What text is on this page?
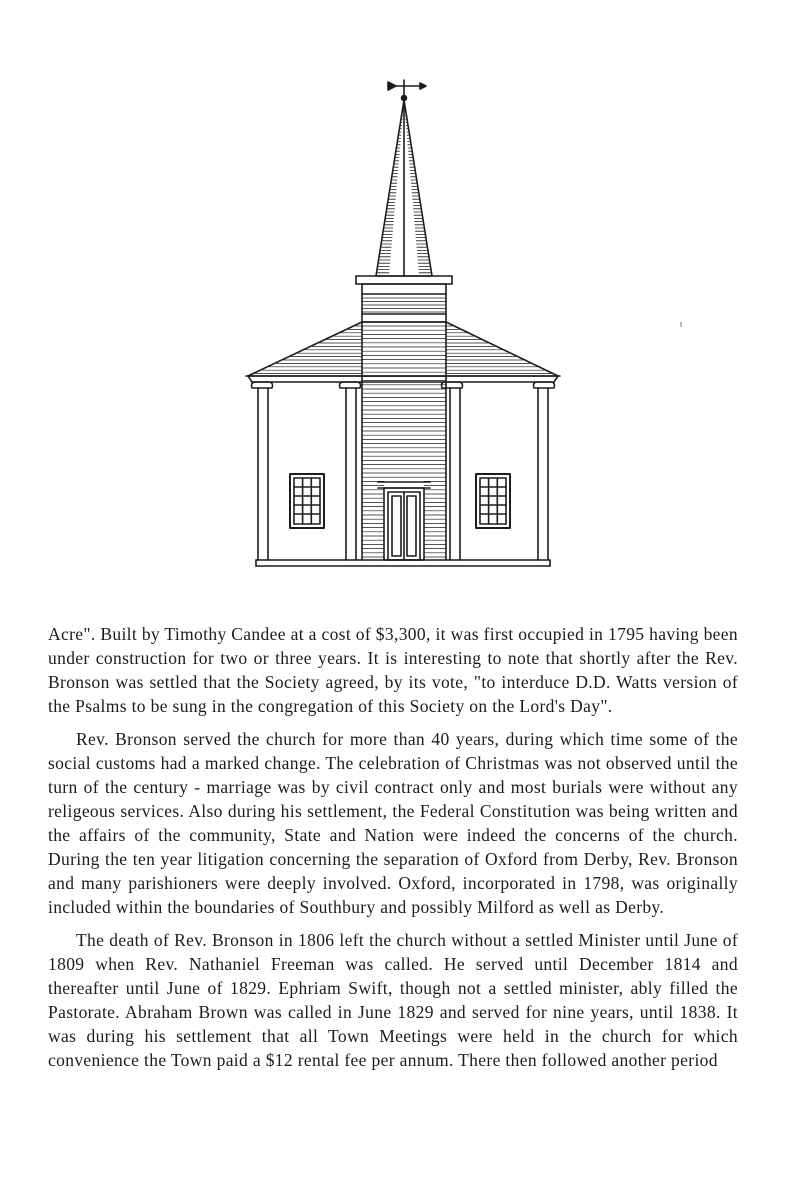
Acre". Built by Timothy Candee at a cost of $3,300, it was first occupied in 1795 having been under construction for two or three years. It is interesting to note that shortly after the Rev. Bronson was settled that the Society agreed, by its vote, "to interduce D.D. Watts version of the Psalms to be sung in the congregation of this Society on the Lord's Day".

Rev. Bronson served the church for more than 40 years, during which time some of the social customs had a marked change. The celebration of Christmas was not observed until the turn of the century - marriage was by civil contract only and most burials were without any religeous services. Also during his settlement, the Federal Constitution was being written and the affairs of the community, State and Nation were indeed the concerns of the church. During the ten year litigation concerning the separation of Oxford from Derby, Rev. Bronson and many parishioners were deeply involved. Oxford, incorporated in 1798, was originally included within the boundaries of Southbury and possibly Milford as well as Derby.

The death of Rev. Bronson in 1806 left the church without a settled Minister until June of 1809 when Rev. Nathaniel Freeman was called. He served until December 1814 and thereafter until June of 1829. Ephriam Swift, though not a settled minister, ably filled the Pastorate. Abraham Brown was called in June 1829 and served for nine years, until 1838. It was during his settlement that all Town Meetings were held in the church for which convenience the Town paid a $12 rental fee per annum. There then followed another period
